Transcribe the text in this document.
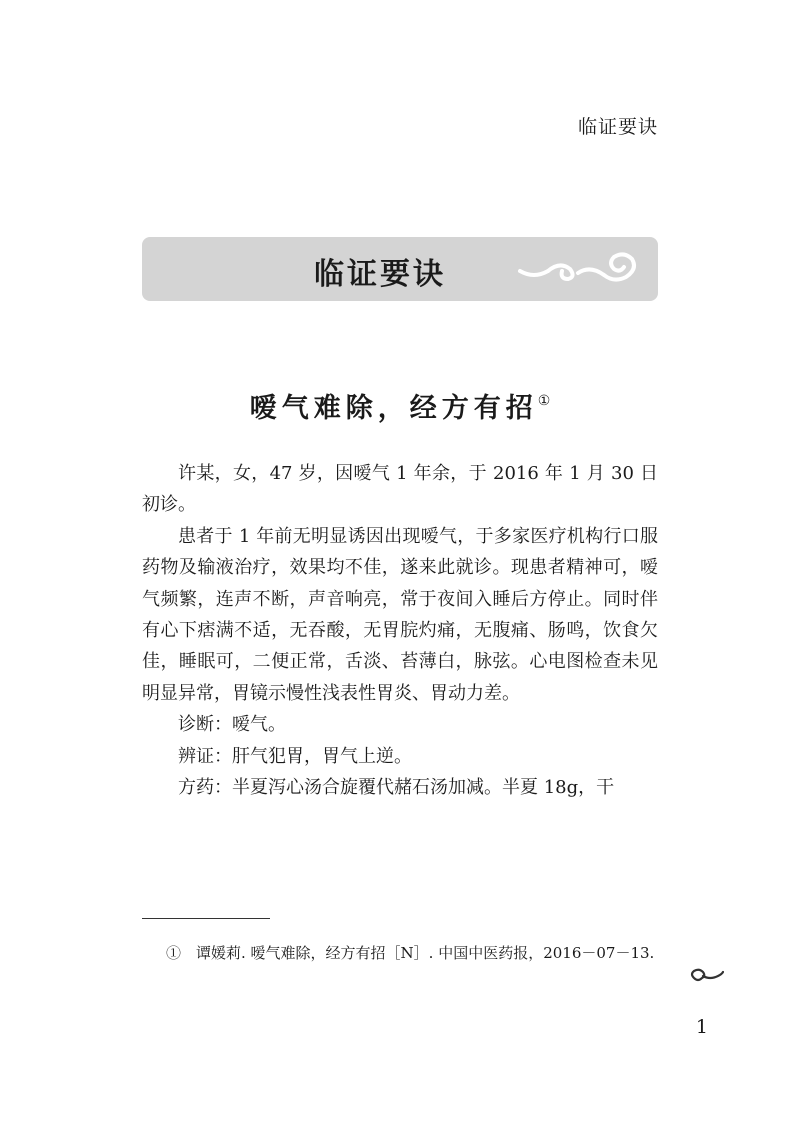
临证要诀
临证要诀
嗳气难除，经方有招①

许某，女，47 岁，因嗳气 1 年余，于 2016 年 1 月 30 日初诊。

患者于 1 年前无明显诱因出现嗳气，于多家医疗机构行口服药物及输液治疗，效果均不佳，遂来此就诊。现患者精神可，嗳气频繁，连声不断，声音响亮，常于夜间入睡后方停止。同时伴有心下痞满不适，无吞酸，无胃脘灼痛，无腹痛、肠鸣，饮食欠佳，睡眠可，二便正常，舌淡、苔薄白，脉弦。心电图检查未见明显异常，胃镜示慢性浅表性胃炎、胃动力差。

诊断：嗳气。

辨证：肝气犯胃，胃气上逆。

方药：半夏泻心汤合旋覆代赭石汤加减。半夏 18g，干

①　谭媛莉. 嗳气难除，经方有招［N］. 中国中医药报，2016－07－13.
1
